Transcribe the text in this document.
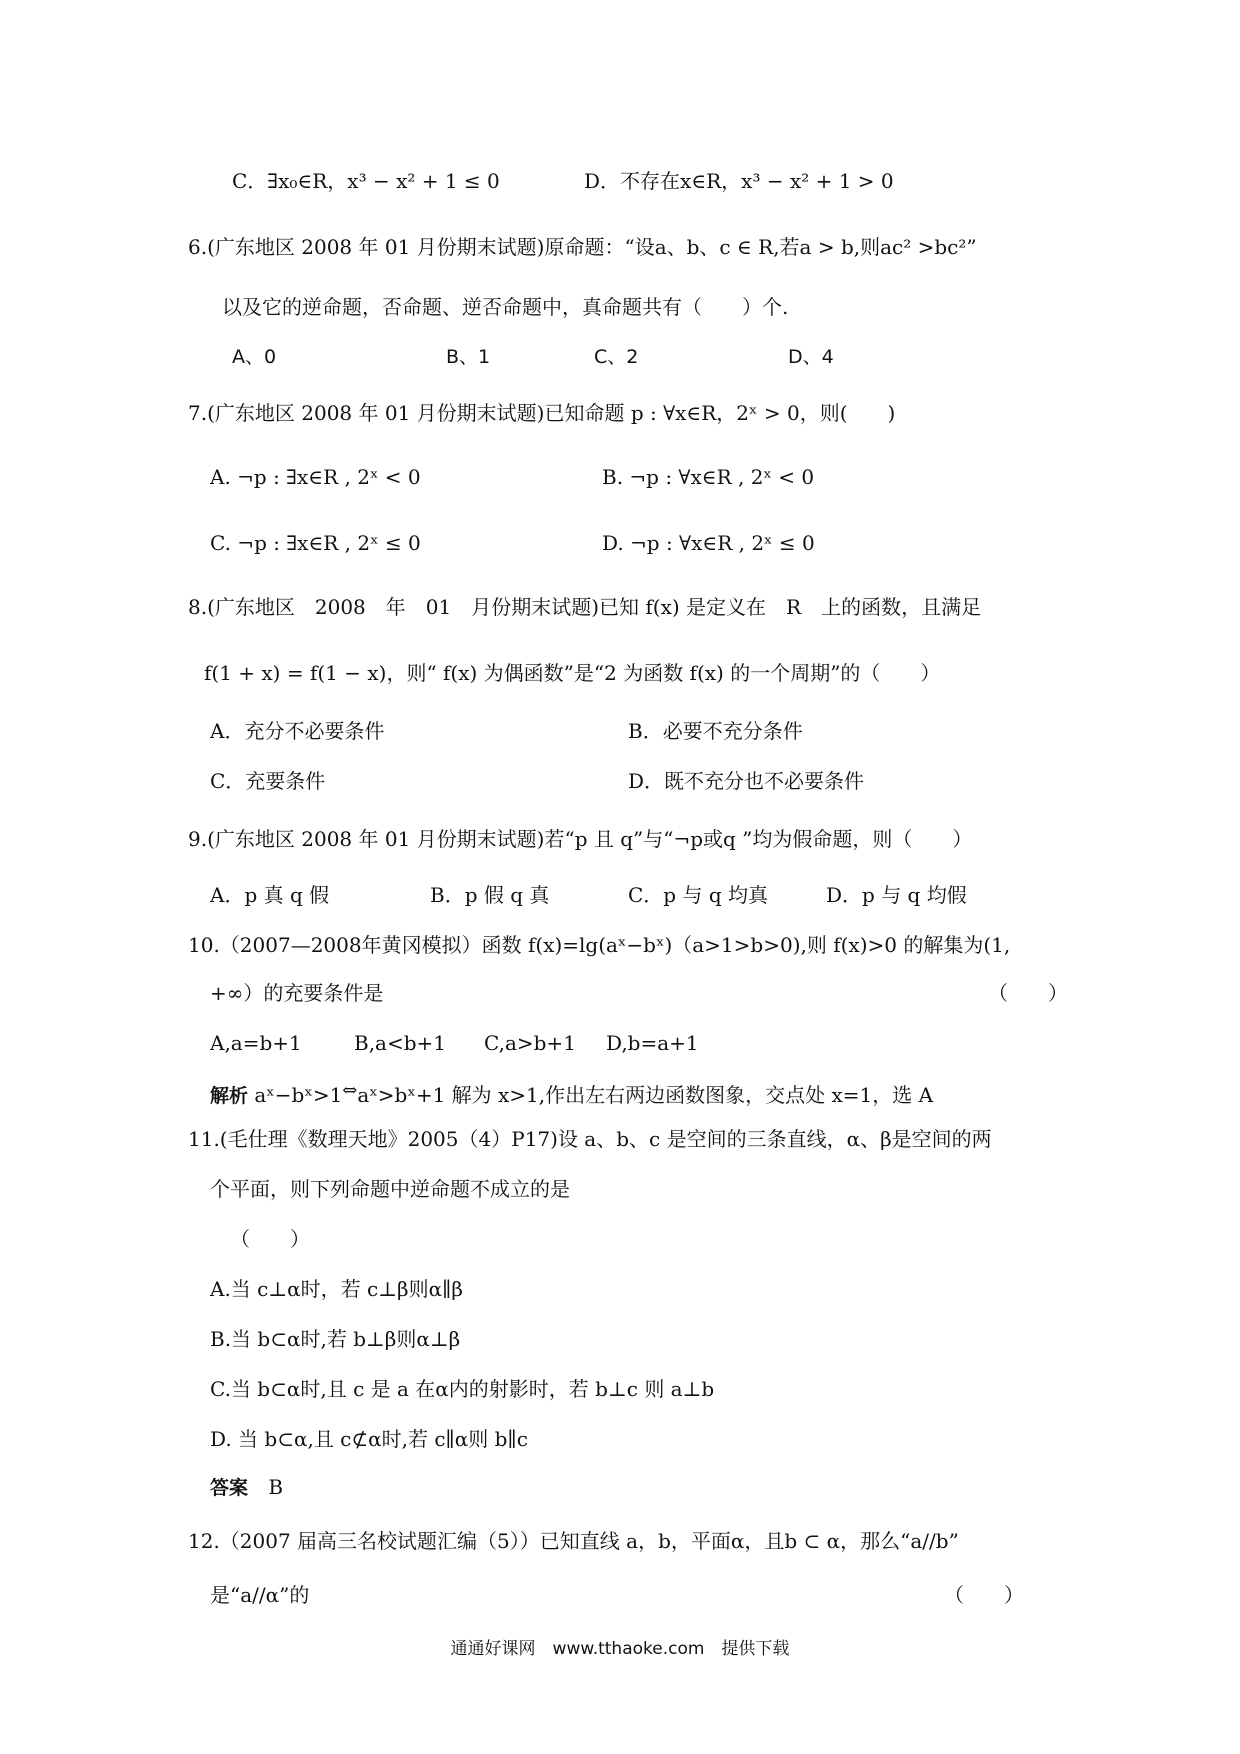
C．∃x₀∈R，x³ − x² + 1 ≤ 0	D．不存在x∈R，x³ − x² + 1 > 0
6.(广东地区 2008 年 01 月份期末试题)原命题：“设a、b、c ∈ R,若a > b,则ac² >bc²”
以及它的逆命题，否命题、逆否命题中，真命题共有（　　）个.
A、0	B、1	C、2	D、4
7.(广东地区 2008 年 01 月份期末试题)已知命题 p : ∀x∈R，2ˣ > 0，则(　　)
A. ¬p : ∃x∈R , 2ˣ < 0	B. ¬p : ∀x∈R , 2ˣ < 0
C. ¬p : ∃x∈R , 2ˣ ≤ 0	D. ¬p : ∀x∈R , 2ˣ ≤ 0
8.(广东地区　2008　年　01　月份期末试题)已知 f(x) 是定义在　R　上的函数，且满足
f(1 + x) = f(1 − x)，则“ f(x) 为偶函数”是“2 为函数 f(x) 的一个周期”的（　　）
A．充分不必要条件	B．必要不充分条件
C．充要条件	D．既不充分也不必要条件
9.(广东地区 2008 年 01 月份期末试题)若“p 且 q”与“¬p或q ”均为假命题，则（　　）
A．p 真 q 假	B．p 假 q 真	C．p 与 q 均真	D．p 与 q 均假
10.（2007—2008年黄冈模拟）函数 f(x)=lg(aˣ−bˣ)（a>1>b>0),则 f(x)>0 的解集为(1,
+∞）的充要条件是	（　　）
A,a=b+1	B,a<b+1 C,a>b+1 D,b=a+1
解析 aˣ−bˣ>1⇔aˣ>bˣ+1 解为 x>1,作出左右两边函数图象，交点处 x=1，选 A
11.(毛仕理《数理天地》2005（4）P17)设 a、b、c 是空间的三条直线，α、β是空间的两
个平面，则下列命题中逆命题不成立的是
（　　）
A.当 c⊥α时，若 c⊥β则α∥β
B.当 b⊂α时,若 b⊥β则α⊥β
C.当 b⊂α时,且 c 是 a 在α内的射影时，若 b⊥c 则 a⊥b
D. 当 b⊂α,且 c⊄α时,若 c∥α则 b∥c
答案 B
12.（2007 届高三名校试题汇编（5））已知直线 a，b，平面α，且b ⊂ α，那么“a//b”
是“a//α”的	（　　）
通通好课网　www.tthaoke.com　提供下载
